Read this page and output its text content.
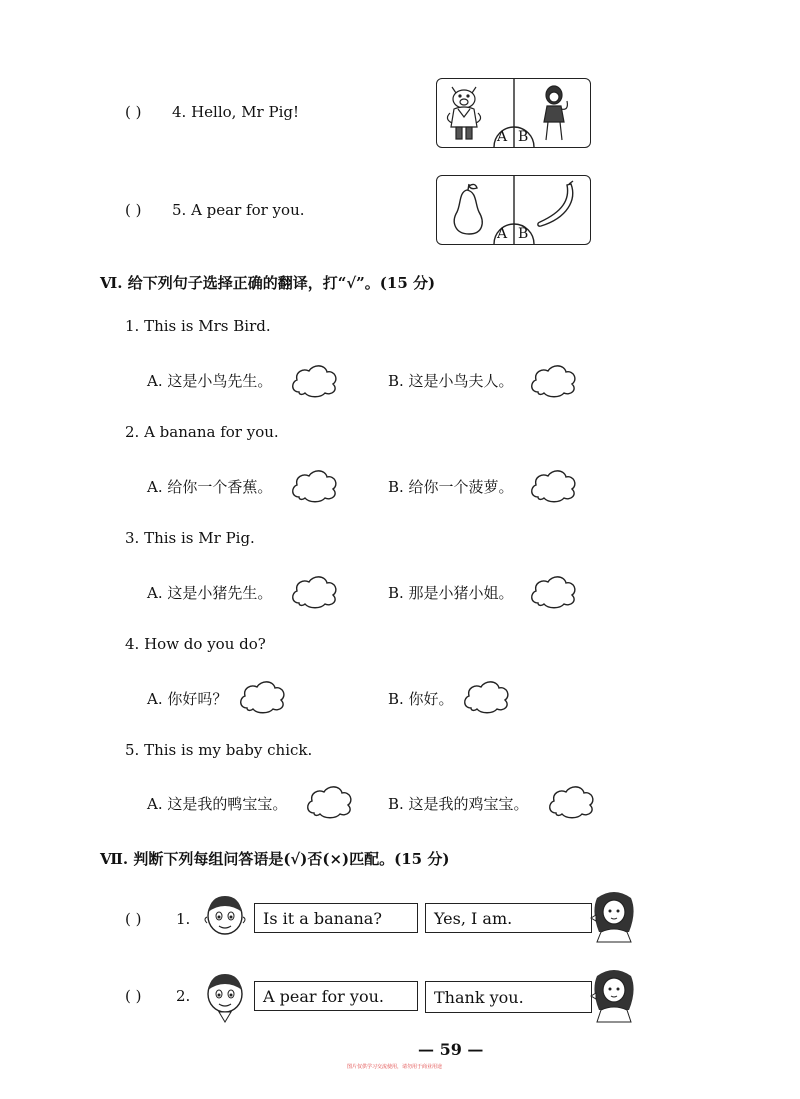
( ) 4. Hello, Mr Pig!
A B
( ) 5. A pear for you.
A B
Ⅵ. 给下列句子选择正确的翻译，打“√”。(15 分)
1. This is Mrs Bird.
A. 这是小鸟先生。	B. 这是小鸟夫人。
2. A banana for you.
A. 给你一个香蕉。	B. 给你一个菠萝。
3. This is Mr Pig.
A. 这是小猪先生。	B. 那是小猪小姐。
4. How do you do?
A. 你好吗？	B. 你好。
5. This is my baby chick.
A. 这是我的鸭宝宝。	B. 这是我的鸡宝宝。
Ⅶ. 判断下列每组问答语是(√)否(×)匹配。(15 分)
( ) 1.	Is it a banana?	Yes, I am.
( ) 2.	A pear for you.	Thank you.
— 59 —
图片仅供学习交流使用，请勿用于商业用途
